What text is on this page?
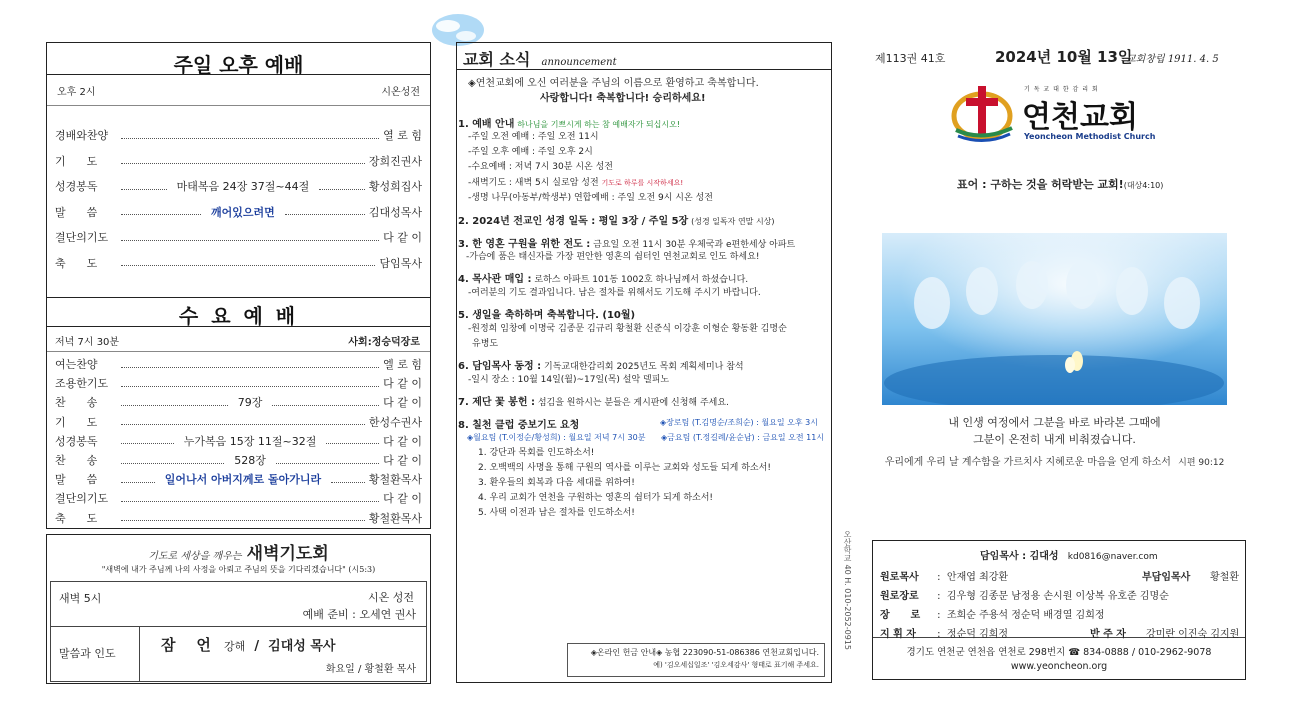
주일 오후 예배
오후 2시	시온성전
경배와찬양	열 로 힘
기      도	장희진권사
성경봉독	마태복음 24장 37절~44절	황성희집사
말      씀	깨어있으려면	김대성목사
결단의기도	다 같 이
축      도	담임목사
수 요 예 배
저녁 7시 30분	사회:정승덕장로
여는찬양	엘 로 힘
조용한기도	다 같 이
찬      송	79장	다 같 이
기      도	한성수권사
성경봉독	누가복음 15장 11절~32절	다 같 이
찬      송	528장	다 같 이
말      씀	일어나서 아버지께로 돌아가니라	황철환목사
결단의기도	다 같 이
축      도	황철환목사
기도로 세상을 깨우는 새벽기도회
"새벽에 내가 주님께 나의 사정을 아뢰고 주님의 뜻을 기다리겠습니다" (시5:3)
새벽 5시	시온 성전
예배 준비 : 오세연 권사
말씀과 인도	잠    언 강해 / 김대성 목사
화요일 / 황철환 목사
교회 소식 announcement
◈온라인 헌금 안내◈ 농협 223090-51-086386 연천교회입니다.
예) '김오세십일조' '김오세감사' 형태로 표기해 주세요.
◈연천교회에 오신 여러분을 주님의 이름으로 환영하고 축복합니다.
사랑합니다! 축복합니다! 승리하세요!
1. 예배 안내 하나님을 기쁘시게 하는 참 예배자가 되십시오!
-주일 오전 예배 : 주일 오전 11시
-주일 오후 예배 : 주일 오후 2시
-수요예배 : 저녁 7시 30분 시온 성전
-새벽기도 : 새벽 5시 실로암 성전 기도로 하루를 시작하세요!
-생명 나무(아동부/학생부) 연합예배 : 주일 오전 9시 시온 성전
2. 2024년 전교인 성경 일독 : 평일 3장 / 주일 5장 (성경 일독자 연말 시상)
3. 한 영혼 구원을 위한 전도 : 금요일 오전 11시 30분 우체국과 e편한세상 아파트
-가슴에 품은 태신자를 가장 편안한 영혼의 쉼터인 연천교회로 인도 하세요!
4. 목사관 매입 : 로하스 아파트 101동 1002호 하나님께서 하셨습니다.
-여러분의 기도 결과입니다. 남은 절차를 위해서도 기도해 주시기 바랍니다.
5. 생일을 축하하며 축복합니다. (10월)
-원정희 임창예 이명국 김종문 김규리 황철환 신준식 이강훈 이형순 황동환 김명순
유병도
6. 담임목사 동정 : 기독교대한감리회 2025년도 목회 계획세미나 참석
-일시 장소 : 10월 14일(월)~17일(목) 설악 델피노
7. 제단 꽃 봉헌 : 섬김을 원하시는 분들은 게시판에 신청해 주세요.
8. 칠천 클럽 중보기도 요청	◈장로팀 (T.김명순/조희순) : 월요일 오후 3시
◈월요팀 (T.이정순/황성희) : 월요일 저녁 7시 30분 ◈금요팀 (T.정길례/윤순남) : 금요일 오전 11시
1. 강단과 목회를 인도하소서!
2. 오백백의 사명을 통해 구원의 역사를 이루는 교회와 성도들 되게 하소서!
3. 환우들의 회복과 다음 세대를 위하여!
4. 우리 교회가 연천을 구원하는 영혼의 쉼터가 되게 하소서!
5. 사택 이전과 남은 절차를 인도하소서!
오산학교 40 H. 010-2052-0915
제113권 41호	2024년 10월 13일
교회창립 1911. 4. 5
기 독 교 대 한 감 리 회
연천교회
Yeoncheon Methodist Church
표어 : 구하는 것을 허락받는 교회!(대상4:10)
내 인생 여정에서 그분을 바로 바라본 그때에
그분이 온전히 내게 비춰졌습니다.
우리에게 우리 날 계수함을 가르치사 지혜로운 마음을 얻게 하소서 시편 90:12
담임목사 : 김대성 kd0816@naver.com
원로목사 :  안재엽 최강환	부담임목사 황철환
원로장로 :  김우형 김종문 남정용 손시원 이상복 유호준 김명순
장      로 :  조희순 주용석 정순덕 배경열 김희정
지 휘 자 :  정순덕 김희정	반 주 자 강미란 이진숙 김지원
경기도 연천군 연천읍 연천로 298번지 ☎ 834-0888 / 010-2962-9078
www.yeoncheon.org
